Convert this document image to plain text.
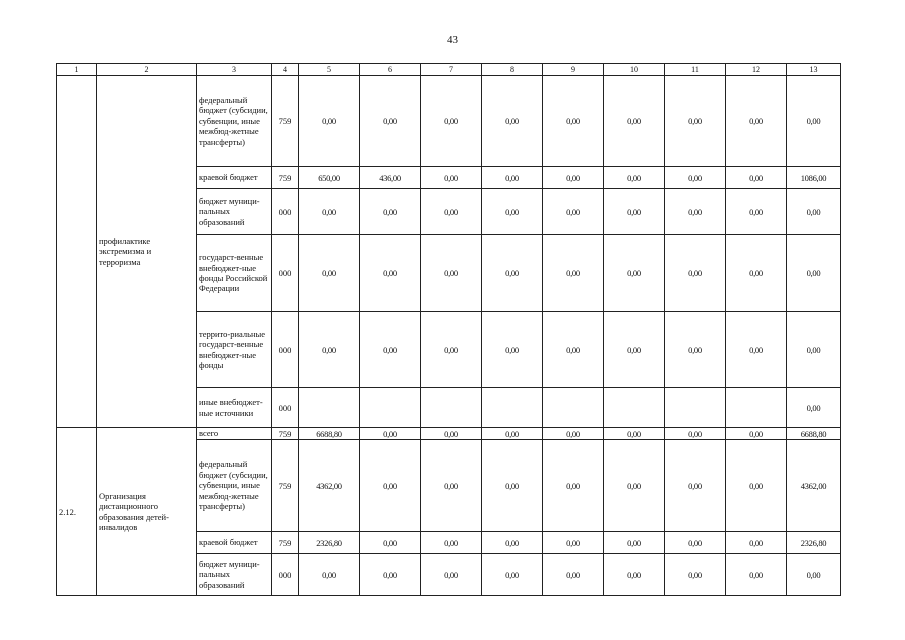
43
1	2	3	4	5	6	7	8	9	10	11	12	13
	профилактике экстремизма и терроризма	федеральный бюджет (субсидии, субвенции, иные межбюд-жетные трансферты)	759	0,00	0,00	0,00	0,00	0,00	0,00	0,00	0,00	0,00
		краевой бюджет	759	650,00	436,00	0,00	0,00	0,00	0,00	0,00	0,00	1086,00
		бюджет муници-пальных образований	000	0,00	0,00	0,00	0,00	0,00	0,00	0,00	0,00	0,00
		государст-венные внебюджет-ные фонды Российской Федерации	000	0,00	0,00	0,00	0,00	0,00	0,00	0,00	0,00	0,00
		террито-риальные государст-венные внебюджет-ные фонды	000	0,00	0,00	0,00	0,00	0,00	0,00	0,00	0,00	0,00
		иные внебюджет-ные источники	000									0,00
2.12.	Организация дистанционного образования детей-инвалидов	всего	759	6688,80	0,00	0,00	0,00	0,00	0,00	0,00	0,00	6688,80
		федеральный бюджет (субсидии, субвенции, иные межбюд-жетные трансферты)	759	4362,00	0,00	0,00	0,00	0,00	0,00	0,00	0,00	4362,00
		краевой бюджет	759	2326,80	0,00	0,00	0,00	0,00	0,00	0,00	0,00	2326,80
		бюджет муници-пальных образований	000	0,00	0,00	0,00	0,00	0,00	0,00	0,00	0,00	0,00
